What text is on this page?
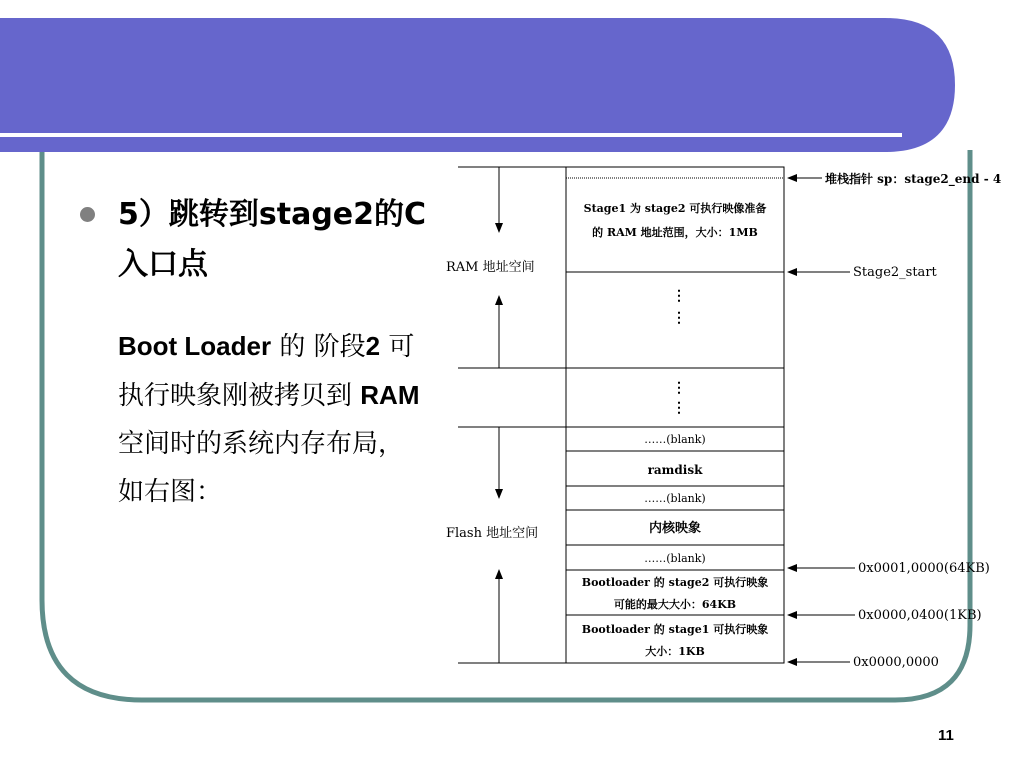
5）跳转到stage2的C入口点
Boot Loader 的 阶段2 可执行映象刚被拷贝到 RAM 空间时的系统内存布局，如右图：
RAM 地址空间
Flash 地址空间
⋮
⋮
⋮
⋮
Stage1 为 stage2 可执行映像准备
的 RAM 地址范围，大小：1MB
……(blank)
ramdisk
……(blank)
内核映象
……(blank)
Bootloader 的 stage2 可执行映象
可能的最大大小：64KB
Bootloader 的 stage1 可执行映象
大小：1KB
堆栈指针 sp：stage2_end - 4
Stage2_start
0x0001,0000(64KB)
0x0000,0400(1KB)
0x0000,0000
11
